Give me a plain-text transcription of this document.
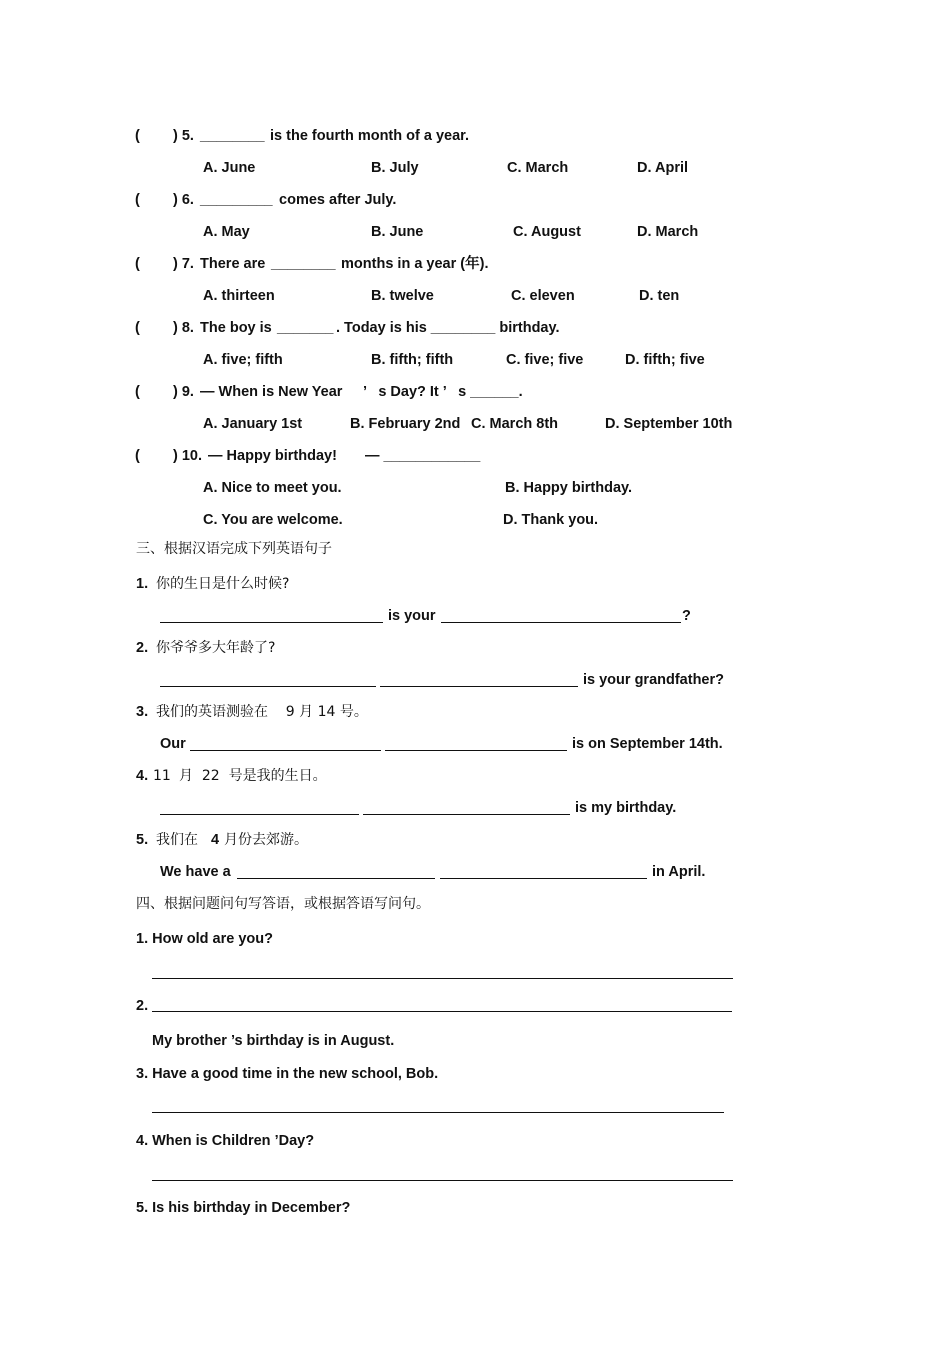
( ) 5. ________ is the fourth month of a year.
A. June	B. July	C. March	D. April
( ) 6. _________ comes after July.
A. May	B. June	C. August	D. March
( ) 7. There are ________ months in a year (年).
A. thirteen	B. twelve	C. eleven	D. ten
( ) 8. The boy is _______ . Today is his ________ birthday.
A. five; fifth	B. fifth; fifth	C. five; five	D. fifth; five
( ) 9. — When is New Year ’   s Day? It ’   s ______.
A. January 1st	B. February 2nd C. March 8th	D. September 10th
( ) 10. — Happy birthday! — ____________
A. Nice to meet you.	B. Happy birthday.
C. You are welcome.	D. Thank you.
三、根据汉语完成下列英语句子
1. 你的生日是什么时候?
is your	?
2. 你爷爷多大年龄了?
is your grandfather?
3. 我们的英语测验在    9 月 14 号。
Our	is on September 14th.
4. 11 月  22  号是我的生日。
is my birthday.
5. 我们在 4 月份去郊游。
We have a	in April.
四、根据问题问句写答语，或根据答语写问句。
1. How old are you?
2.
My brother ’s birthday is in August.
3. Have a good time in the new school, Bob.
4. When is Children ’Day?
5. Is his birthday in December?
